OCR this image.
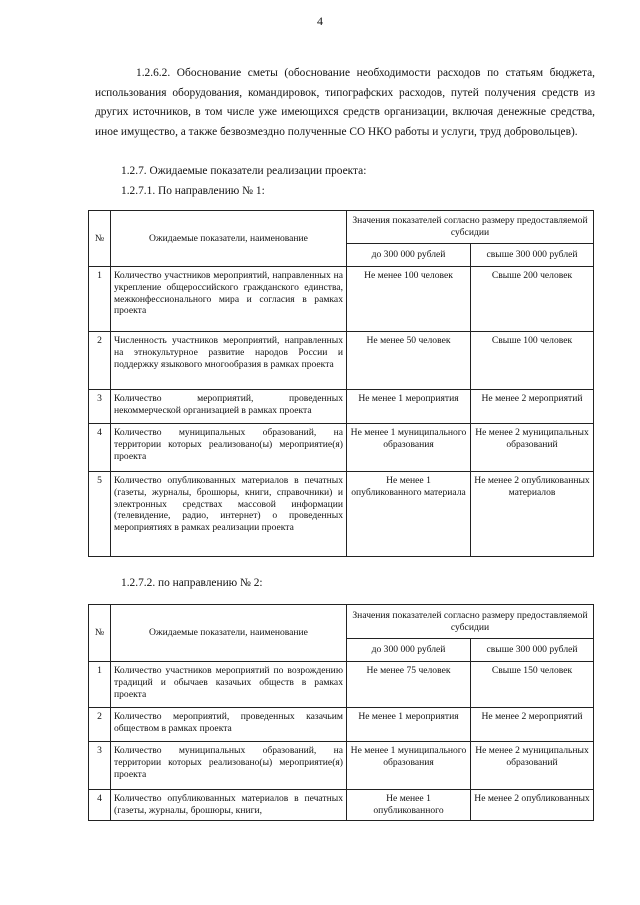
4
1.2.6.2. Обоснование сметы (обоснование необходимости расходов по статьям бюджета, использования оборудования, командировок, типографских расходов, путей получения средств из других источников, в том числе уже имеющихся средств организации, включая денежные средства, иное имущество, а также безвозмездно полученные СО НКО работы и услуги, труд добровольцев).
1.2.7. Ожидаемые показатели реализации проекта:
1.2.7.1. По направлению № 1:
№	Ожидаемые показатели, наименование	Значения показателей согласно размеру предоставляемой субсидии	
		до 300 000 рублей	свыше 300 000 рублей
1	Количество участников мероприятий, направленных на укрепление общероссийского гражданского единства, межконфессионального мира и согласия в рамках проекта	Не менее 100 человек	Свыше 200 человек
2	Численность участников мероприятий, направленных на этнокультурное развитие народов России и поддержку языкового многообразия в рамках проекта	Не менее 50 человек	Свыше 100 человек
3	Количество мероприятий, проведенных некоммерческой организацией в рамках проекта	Не менее 1 мероприятия	Не менее 2 мероприятий
4	Количество муниципальных образований, на территории которых реализовано(ы) мероприятие(я) проекта	Не менее 1 муниципального образования	Не менее 2 муниципальных образований
5	Количество опубликованных материалов в печатных (газеты, журналы, брошюры, книги, справочники) и электронных средствах массовой информации (телевидение, радио, интернет) о проведенных мероприятиях в рамках реализации проекта	Не менее 1 опубликованного материала	Не менее 2 опубликованных материалов
1.2.7.2. по направлению № 2:
№	Ожидаемые показатели, наименование	Значения показателей согласно размеру предоставляемой субсидии	
		до 300 000 рублей	свыше 300 000 рублей
1	Количество участников мероприятий по возрождению традиций и обычаев казачьих обществ в рамках проекта	Не менее 75 человек	Свыше 150 человек
2	Количество мероприятий, проведенных казачьим обществом в рамках проекта	Не менее 1 мероприятия	Не менее 2 мероприятий
3	Количество муниципальных образований, на территории которых реализовано(ы) мероприятие(я) проекта	Не менее 1 муниципального образования	Не менее 2 муниципальных образований
4	Количество опубликованных материалов в печатных (газеты, журналы, брошюры, книги,	Не менее 1 опубликованного	Не менее 2 опубликованных
